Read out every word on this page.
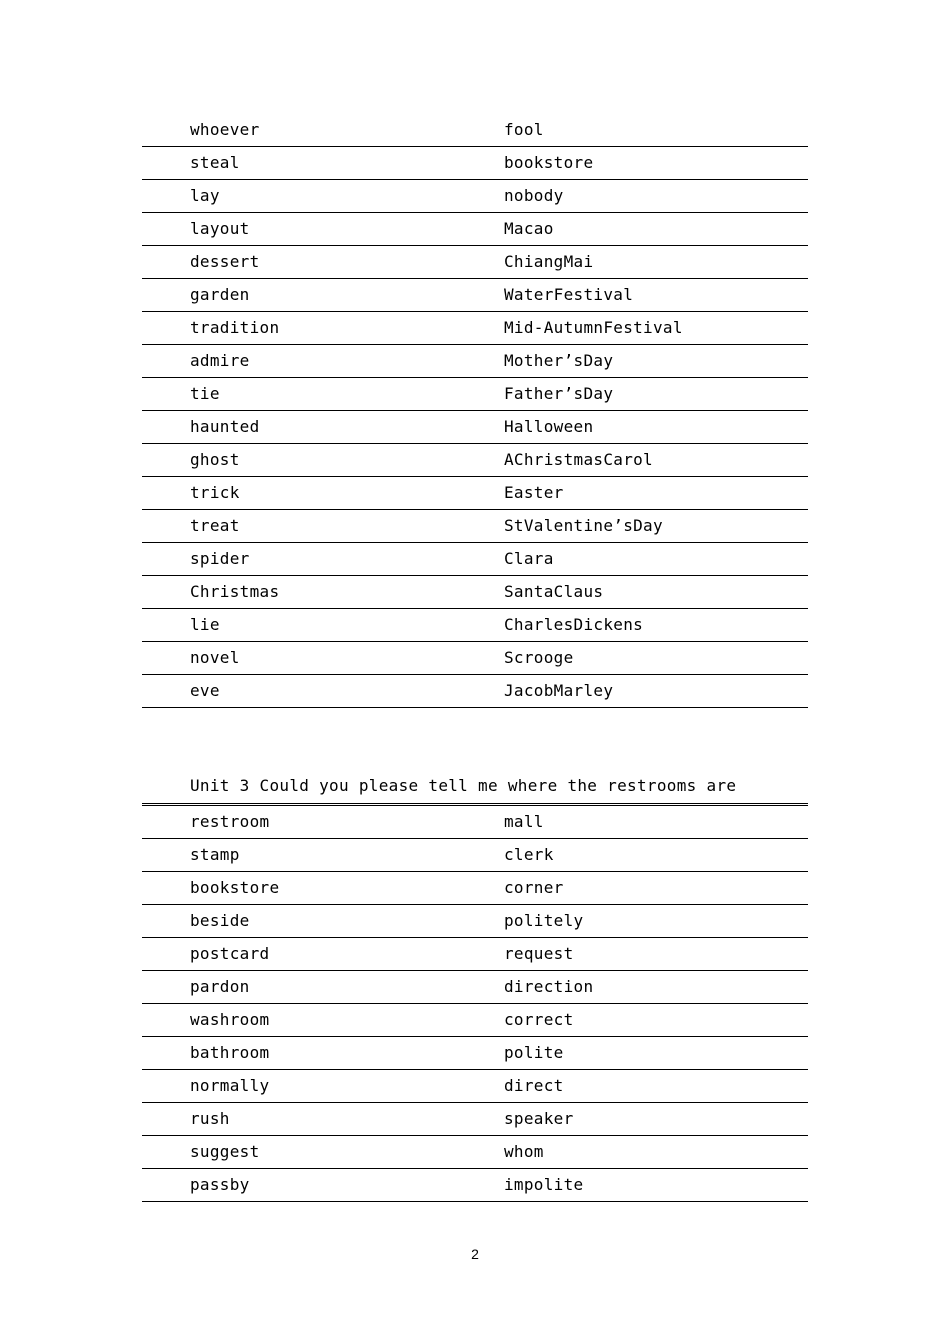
whoever	fool
steal	bookstore
lay	nobody
layout	Macao
dessert	ChiangMai
garden	WaterFestival
tradition	Mid-AutumnFestival
admire	Mother’sDay
tie	Father’sDay
haunted	Halloween
ghost	AChristmasCarol
trick	Easter
treat	StValentine’sDay
spider	Clara
Christmas	SantaClaus
lie	CharlesDickens
novel	Scrooge
eve	JacobMarley
Unit 3 Could you please tell me where the restrooms are
restroom	mall
stamp	clerk
bookstore	corner
beside	politely
postcard	request
pardon	direction
washroom	correct
bathroom	polite
normally	direct
rush	speaker
suggest	whom
passby	impolite
2
